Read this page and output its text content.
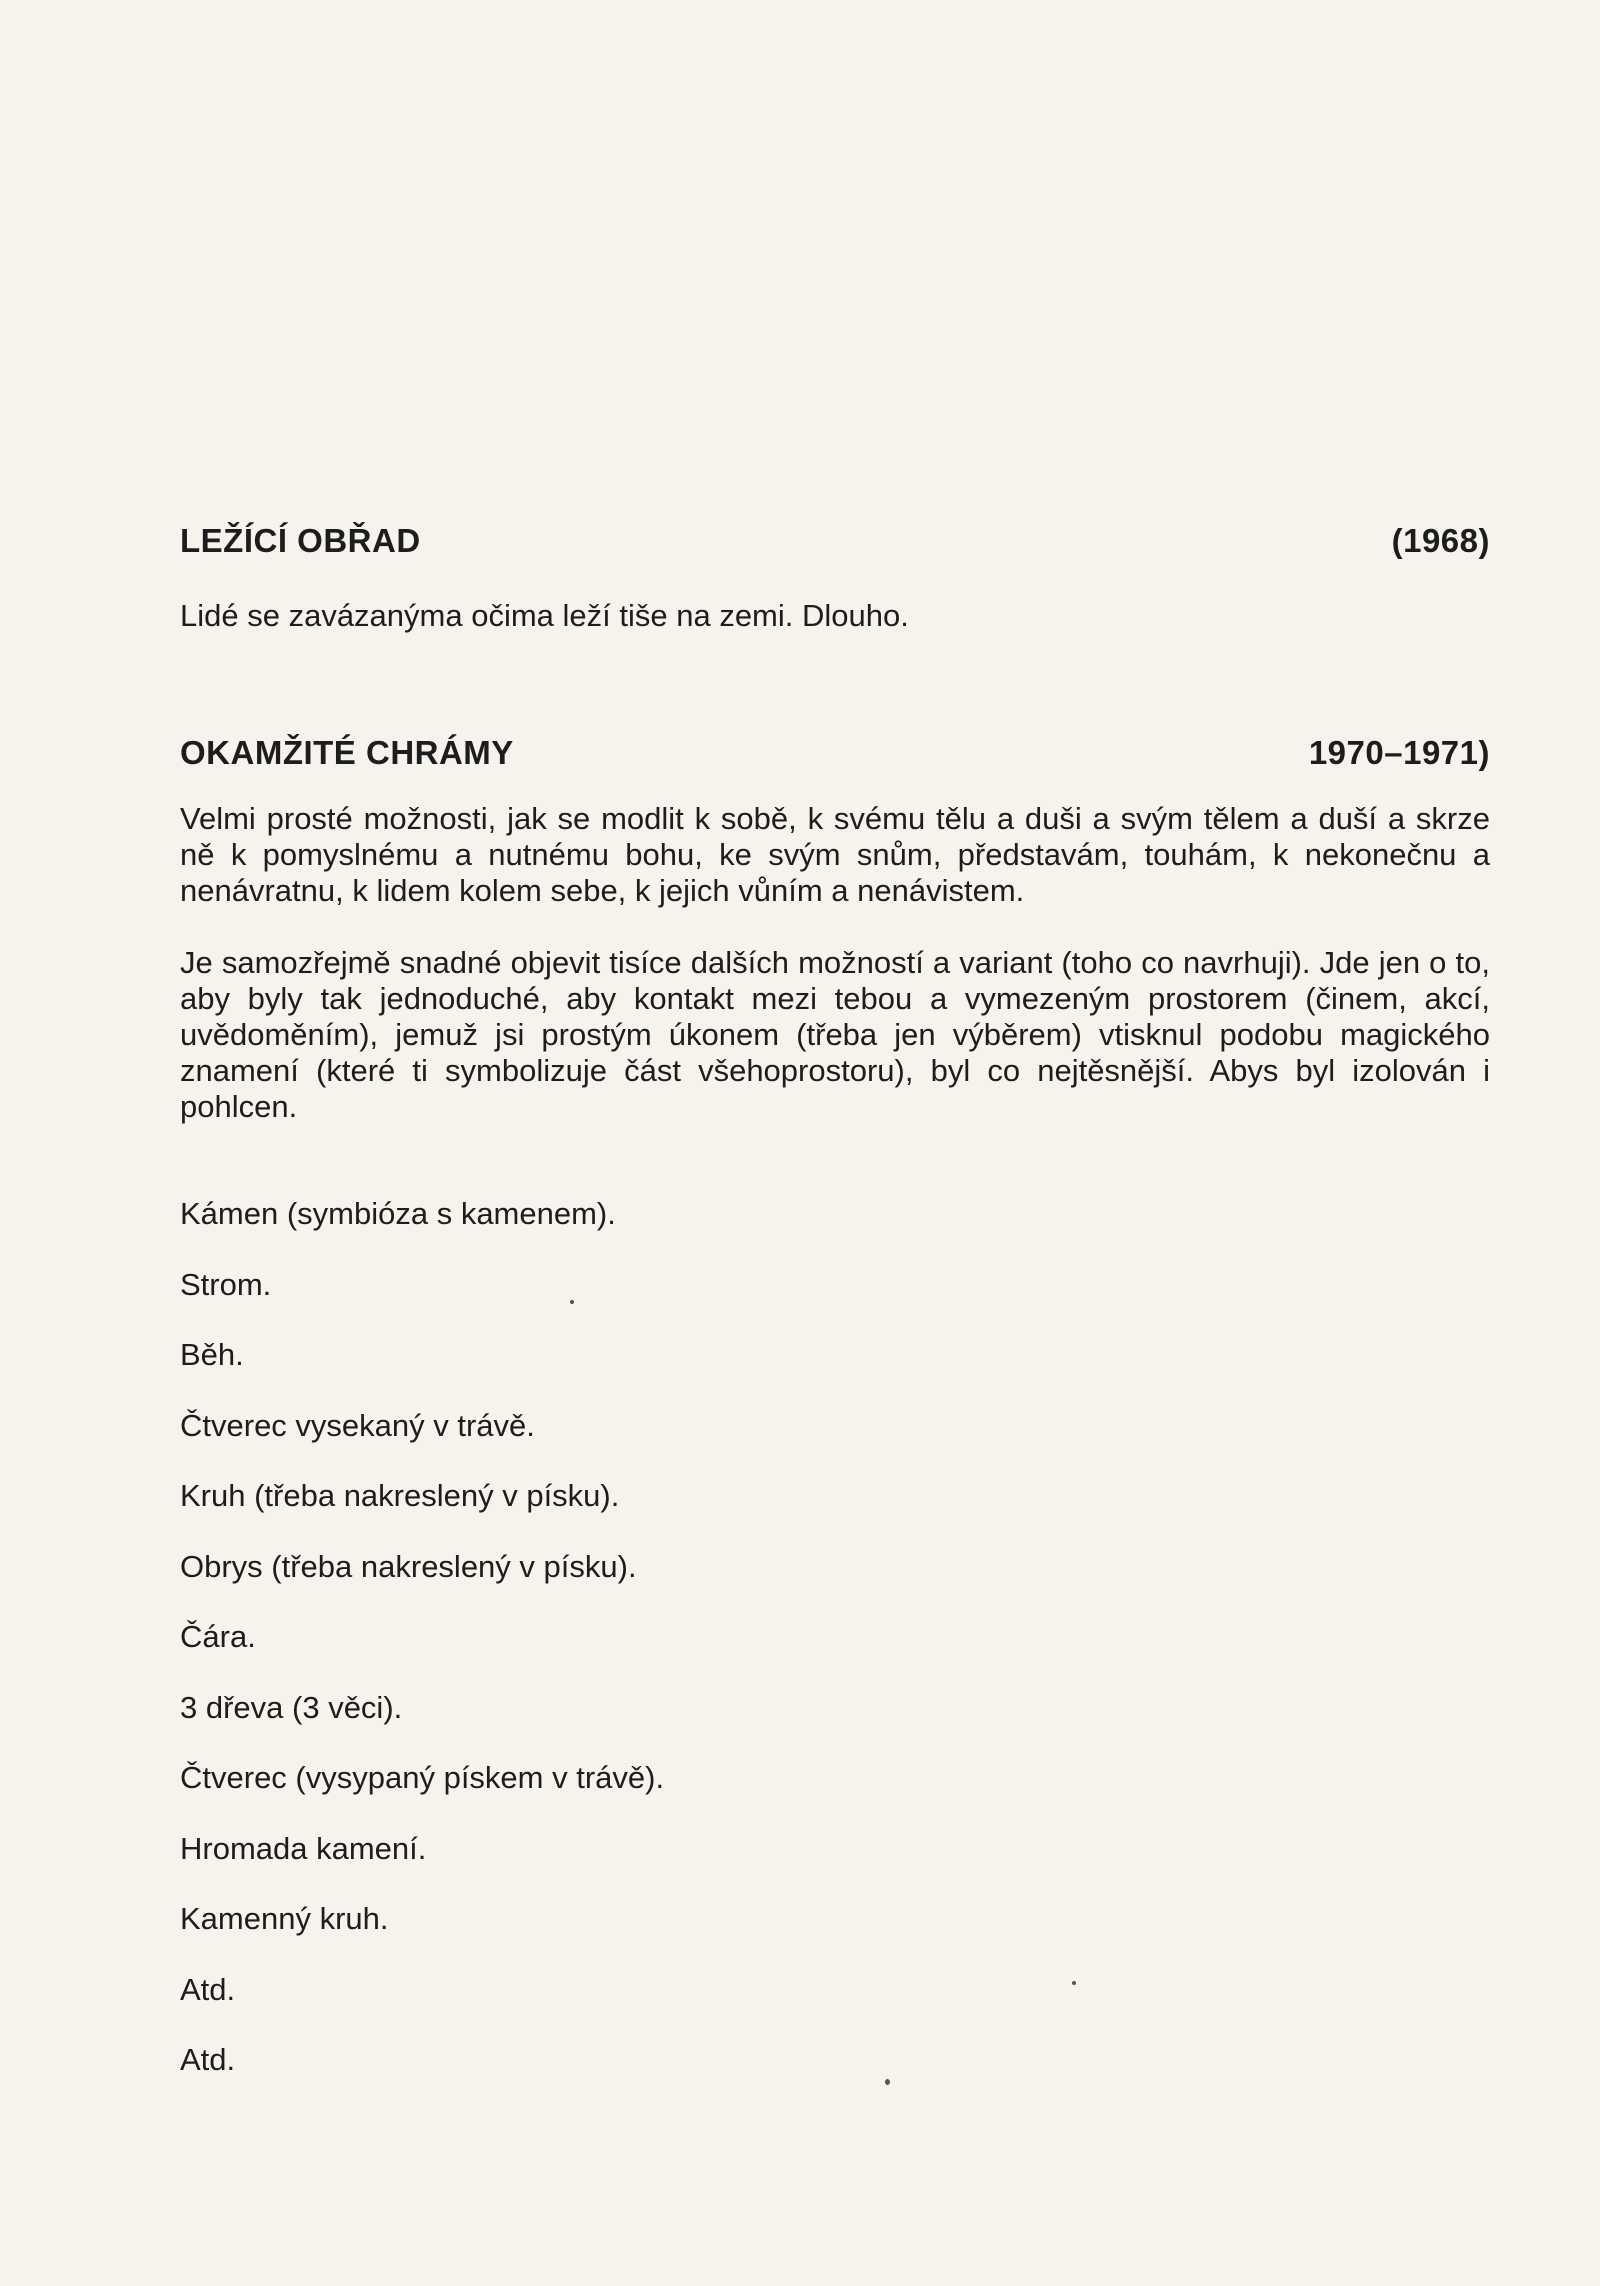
LEŽÍCÍ OBŘAD	(1968)
Lidé se zavázanýma očima leží tiše na zemi. Dlouho.
OKAMŽITÉ CHRÁMY	1970–1971)

Velmi prosté možnosti, jak se modlit k sobě, k svému tělu a duši a svým tělem a duší a skrze ně k pomyslnému a nutnému bohu, ke svým snům, představám, touhám, k nekonečnu a nenávratnu, k lidem kolem sebe, k jejich vůním a nenávistem.

Je samozřejmě snadné objevit tisíce dalších možností a variant (toho co navrhuji). Jde jen o to, aby byly tak jednoduché, aby kontakt mezi tebou a vymezeným prostorem (činem, akcí, uvědoměním), jemuž jsi prostým úkonem (třeba jen výběrem) vtisknul podobu magického znamení (které ti symbolizuje část všehoprostoru), byl co nejtěsnější. Abys byl izolován i pohlcen.

Kámen (symbióza s kamenem).
Strom.
Běh.
Čtverec vysekaný v trávě.
Kruh (třeba nakreslený v písku).
Obrys (třeba nakreslený v písku).
Čára.
3 dřeva (3 věci).
Čtverec (vysypaný pískem v trávě).
Hromada kamení.
Kamenný kruh.
Atd.
Atd.
